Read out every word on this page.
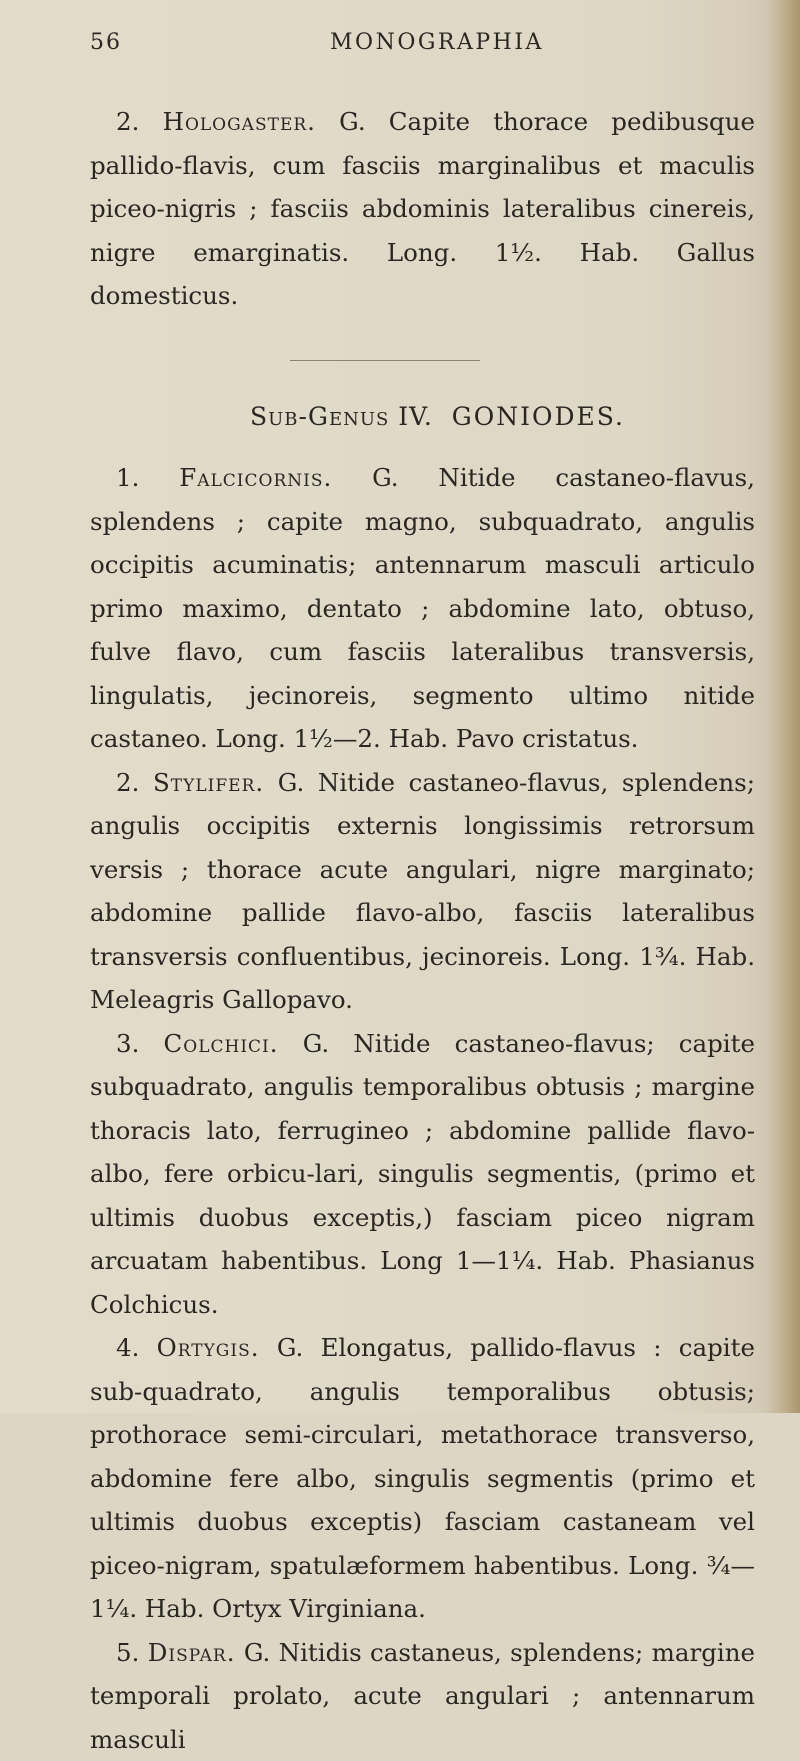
56	MONOGRAPHIA

2. Hologaster. G. Capite thorace pedibusque pallido-flavis, cum fasciis marginalibus et maculis piceo-nigris ; fasciis abdominis lateralibus cinereis, nigre emarginatis. Long. 1½. Hab. Gallus domesticus.

Sub-Genus IV. GONIODES.

1. Falcicornis. G. Nitide castaneo-flavus, splendens ; capite magno, subquadrato, angulis occipitis acuminatis; antennarum masculi articulo primo maximo, dentato ; abdomine lato, obtuso, fulve flavo, cum fasciis lateralibus transversis, lingulatis, jecinoreis, segmento ultimo nitide castaneo. Long. 1½—2. Hab. Pavo cristatus.

2. Stylifer. G. Nitide castaneo-flavus, splendens; angulis occipitis externis longissimis retrorsum versis ; thorace acute angulari, nigre marginato; abdomine pallide flavo-albo, fasciis lateralibus transversis confluentibus, jecinoreis. Long. 1¾. Hab. Meleagris Gallopavo.

3. Colchici. G. Nitide castaneo-flavus; capite subquadrato, angulis temporalibus obtusis ; margine thoracis lato, ferrugineo ; abdomine pallide flavo-albo, fere orbicu-lari, singulis segmentis, (primo et ultimis duobus exceptis,) fasciam piceo nigram arcuatam habentibus. Long 1—1¼. Hab. Phasianus Colchicus.

4. Ortygis. G. Elongatus, pallido-flavus : capite sub-quadrato, angulis temporalibus obtusis; prothorace semi-circulari, metathorace transverso, abdomine fere albo, singulis segmentis (primo et ultimis duobus exceptis) fasciam castaneam vel piceo-nigram, spatulæformem habentibus. Long. ¾—1¼. Hab. Ortyx Virginiana.

5. Dispar. G. Nitidis castaneus, splendens; margine temporali prolato, acute angulari ; antennarum masculi
